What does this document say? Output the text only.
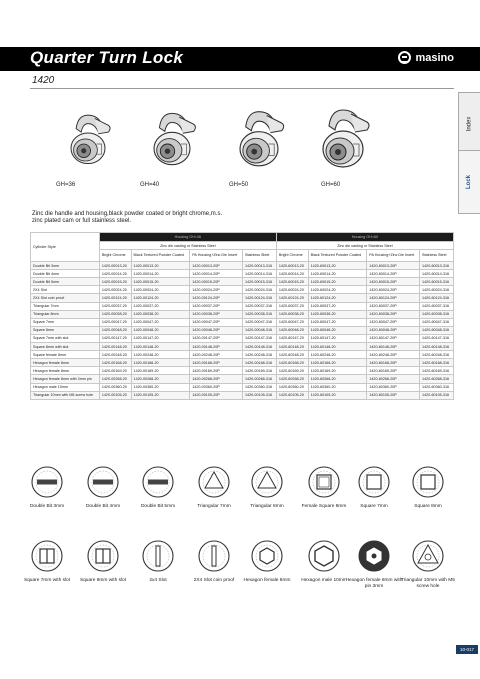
Quarter Turn Lock	masino
1420
Index
Lock
GH=36	GH=40	GH=50	GH=60
Zinc die handle and housing,black powder coated or bright chrome,m.s.
zinc plated cam or full stainless steel.
Cylinder Style	Housing GH=36				Housing GH=60			
	Zinc die casting or Stainless Steel				Zinc die casting or Stainless Steel			
	Bright Chrome	Black Textured Powder Coated	PA Housing+Zinc Die Insert	Stainless Steel	Bright Chrome	Black Textured Powder Coated	PA Housing+Zinc Die Insert	Stainless Steel
Double Bit 3mm	1420-00013-20	1420-00013-20	1420-00013-20P	1420-00013-316	1420-60013-20	1420-60013-20	1420-60013-20P	1420-60013-316
Double Bit 4mm	1420-00014-20	1420-00014-20	1420-00014-20P	1420-00014-316	1420-60014-20	1420-60014-20	1420-60014-20P	1420-60014-316
Double Bit 5mm	1420-00015-20	1420-00015-20	1420-00015-20P	1420-00015-316	1420-60015-20	1420-60015-20	1420-60015-20P	1420-60015-316
2X4 Slot	1420-00024-20	1420-00024-20	1420-00024-20P	1420-00024-316	1420-60024-20	1420-60024-20	1420-60024-20P	1420-60024-316
2X4 Slot coin proof	1420-00124-20	1420-00124-20	1420-00124-20P	1420-00124-316	1420-60124-20	1420-60124-20	1420-60124-20P	1420-60124-316
Triangular 7mm	1420-00037-20	1420-00037-20	1420-00037-20P	1420-00037-316	1420-60037-20	1420-60037-20	1420-60037-20P	1420-60037-316
Triangular 8mm	1420-00038-20	1420-00038-20	1420-00038-20P	1420-00038-316	1420-60038-20	1420-60038-20	1420-60038-20P	1420-60038-316
Square 7mm	1420-00047-20	1420-00047-20	1420-00047-20P	1420-00047-316	1420-60047-20	1420-60047-20	1420-60047-20P	1420-60047-316
Square 8mm	1420-00048-20	1420-00048-20	1420-00048-20P	1420-00048-316	1420-60048-20	1420-60048-20	1420-60048-20P	1420-60048-316
Square 7mm with slot	1420-00147-20	1420-00147-20	1420-00147-20P	1420-00147-316	1420-60147-20	1420-60147-20	1420-60147-20P	1420-60147-316
Square 8mm with slot	1420-00148-20	1420-00148-20	1420-00148-20P	1420-00148-316	1420-60148-20	1420-60148-20	1420-60148-20P	1420-60148-316
Square female 8mm	1420-00248-20	1420-00248-20	1420-00248-20P	1420-00248-316	1420-60248-20	1420-60248-20	1420-60248-20P	1420-60248-316
Hexagon female 8mm	1420-00168-20	1420-00168-20	1420-00168-20P	1420-00168-316	1420-60168-20	1420-60168-20	1420-60168-20P	1420-60168-316
Hexagon female 8mm	1420-00169-20	1420-00169-20	1420-00169-20P	1420-00169-316	1420-60169-20	1420-60169-20	1420-60169-20P	1420-60169-316
Hexagon female 8mm with 3mm pin	1420-00268-20	1420-00268-20	1420-00268-20P	1420-00268-316	1420-60268-20	1420-60268-20	1420-60268-20P	1420-60268-316
Hexagon male 10mm	1420-00360-20	1420-00360-20	1420-00360-20P	1420-00360-316	1420-60360-20	1420-60360-20	1420-60360-20P	1420-60360-316
Triangular 10mm with M5 screw hole	1420-00105-20	1420-00105-20	1420-00105-20P	1420-00105-316	1420-60105-20	1420-60105-20	1420-60105-20P	1420-60105-316
Double Bit 3mm	Double Bit 4mm	Double Bit 5mm	Triangular 7mm	Triangular 8mm	Female Square 8mm	Square 7mm	Square 8mm
Square 7mm with slot	Square 8mm with slot	2x4 Slot	2X4 Slot coin proof	Hexagon female 8mm	Hexagon male 10mm
Hexagon female 8mm with pin 3mm
Triangular 10mm with M5 screw hole
10-017
